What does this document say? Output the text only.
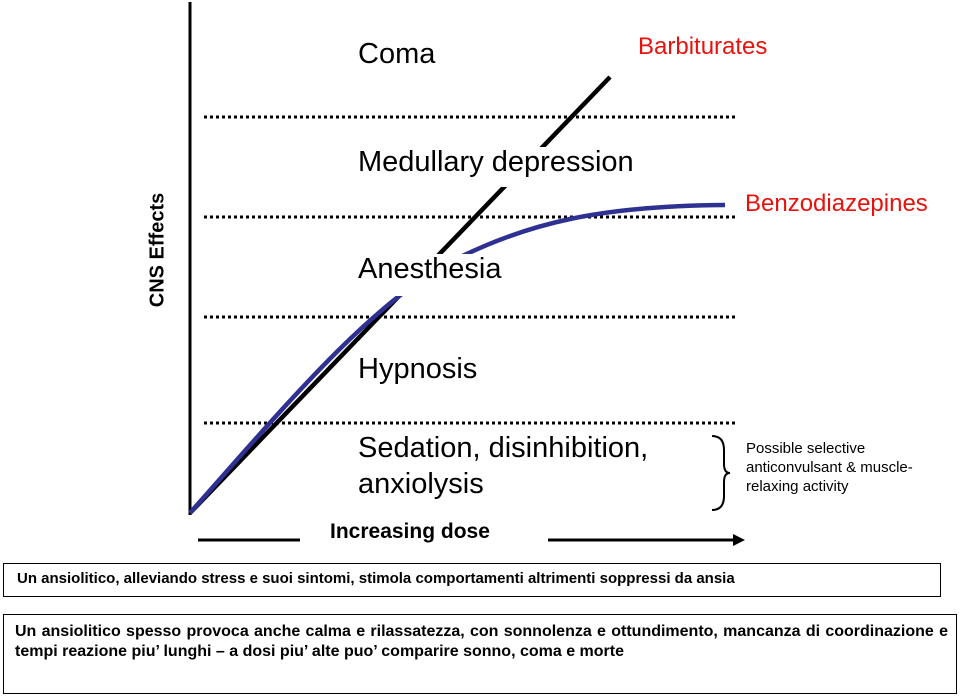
Coma
Medullary depression
Anesthesia
Hypnosis
Sedation, disinhibition,
anxiolysis
Barbiturates
Benzodiazepines
CNS Effects
Increasing dose
Possible selective anticonvulsant & muscle-relaxing activity
Un ansiolitico, alleviando stress e suoi sintomi, stimola comportamenti altrimenti soppressi da ansia
Un ansiolitico spesso provoca anche calma e rilassatezza, con sonnolenza e ottundimento, mancanza di coordinazione e tempi reazione piu’ lunghi – a dosi piu’ alte puo’ comparire sonno, coma e morte
